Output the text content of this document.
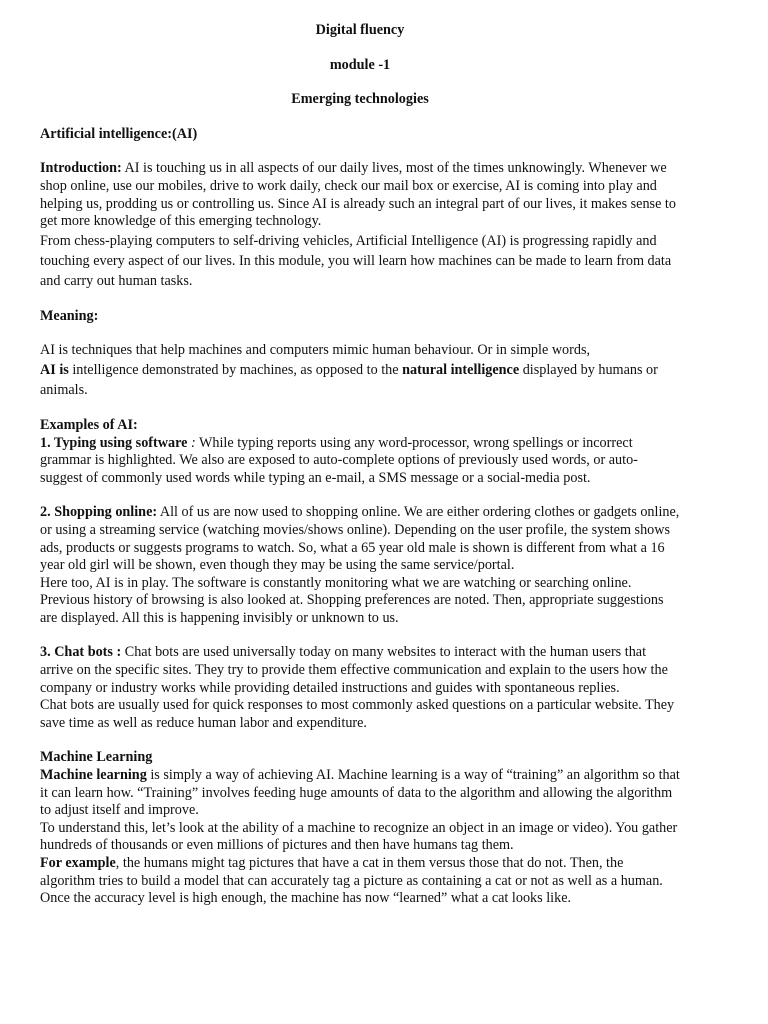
Digital fluency
module -1
Emerging technologies
Artificial intelligence:(AI)

Introduction: AI is touching us in all aspects of our daily lives, most of the times unknowingly. Whenever we shop online, use our mobiles, drive to work daily, check our mail box or exercise, AI is coming into play and helping us, prodding us or controlling us. Since AI is already such an integral part of our lives, it makes sense to get more knowledge of this emerging technology.

From chess-playing computers to self-driving vehicles, Artificial Intelligence (AI) is progressing rapidly and touching every aspect of our lives. In this module, you will learn how machines can be made to learn from data and carry out human tasks.

Meaning:

AI is techniques that help machines and computers mimic human behaviour. Or in simple words,

AI is intelligence demonstrated by machines, as opposed to the natural intelligence displayed by humans or animals.

Examples of AI:

1. Typing using software : While typing reports using any word-processor, wrong spellings or incorrect grammar is highlighted. We also are exposed to auto-complete options of previously used words, or auto-suggest of commonly used words while typing an e-mail, a SMS message or a social-media post.

2. Shopping online: All of us are now used to shopping online. We are either ordering clothes or gadgets online, or using a streaming service (watching movies/shows online). Depending on the user profile, the system shows ads, products or suggests programs to watch. So, what a 65 year old male is shown is different from what a 16 year old girl will be shown, even though they may be using the same service/portal.

Here too, AI is in play. The software is constantly monitoring what we are watching or searching online. Previous history of browsing is also looked at. Shopping preferences are noted. Then, appropriate suggestions are displayed. All this is happening invisibly or unknown to us.

3. Chat bots : Chat bots are used universally today on many websites to interact with the human users that arrive on the specific sites. They try to provide them effective communication and explain to the users how the company or industry works while providing detailed instructions and guides with spontaneous replies.

Chat bots are usually used for quick responses to most commonly asked questions on a particular website. They save time as well as reduce human labor and expenditure.

Machine Learning

Machine learning is simply a way of achieving AI. Machine learning is a way of “training” an algorithm so that it can learn how. “Training” involves feeding huge amounts of data to the algorithm and allowing the algorithm to adjust itself and improve.

To understand this, let’s look at the ability of a machine to recognize an object in an image or video). You gather hundreds of thousands or even millions of pictures and then have humans tag them.

For example, the humans might tag pictures that have a cat in them versus those that do not. Then, the algorithm tries to build a model that can accurately tag a picture as containing a cat or not as well as a human. Once the accuracy level is high enough, the machine has now “learned” what a cat looks like.
